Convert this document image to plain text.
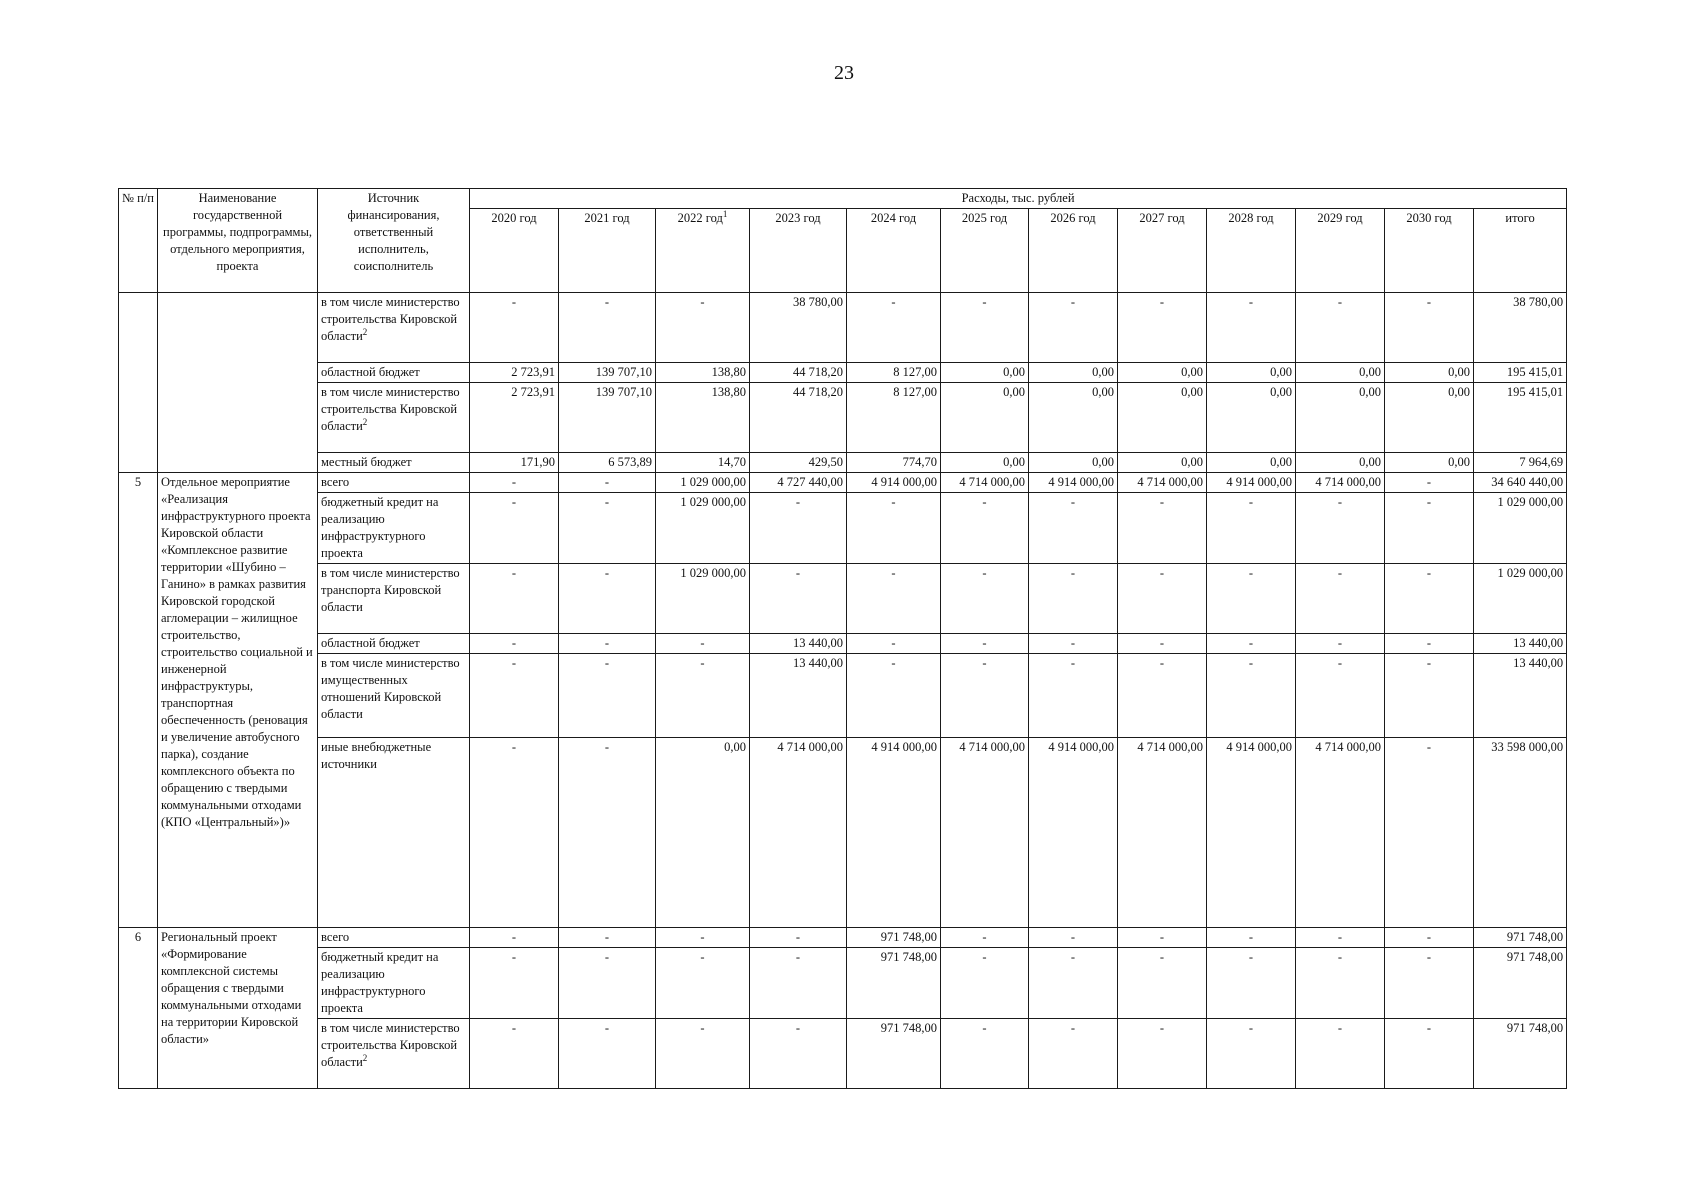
23
№ п/п	Наименование государственной программы, подпрограммы, отдельного мероприятия, проекта	Источник финансирования, ответственный исполнитель, соисполнитель	Расходы, тыс. рублей											
			2020 год	2021 год	2022 год$^1$	2023 год	2024 год	2025 год	2026 год	2027 год	2028 год	2029 год	2030 год	итого
		в том числе министерство строительства Кировской области$^2$	-	-	-	38 780,00	-	-	-	-	-	-	-	38 780,00
		областной бюджет	2 723,91	139 707,10	138,80	44 718,20	8 127,00	0,00	0,00	0,00	0,00	0,00	0,00	195 415,01
		в том числе министерство строительства Кировской области$^2$	2 723,91	139 707,10	138,80	44 718,20	8 127,00	0,00	0,00	0,00	0,00	0,00	0,00	195 415,01
		местный бюджет	171,90	6 573,89	14,70	429,50	774,70	0,00	0,00	0,00	0,00	0,00	0,00	7 964,69
5	Отдельное мероприятие «Реализация инфраструктурного проекта Кировской области «Комплексное развитие территории «Шубино – Ганино» в рамках развития Кировской городской агломерации – жилищное строительство, строительство социальной и инженерной инфраструктуры, транспортная обеспеченность (реновация и увеличение автобусного парка), создание комплексного объекта по обращению с твердыми коммунальными отходами (КПО «Центральный»)»	всего	-	-	1 029 000,00	4 727 440,00	4 914 000,00	4 714 000,00	4 914 000,00	4 714 000,00	4 914 000,00	4 714 000,00	-	34 640 440,00
		бюджетный кредит на реализацию инфраструктурного проекта	-	-	1 029 000,00	-	-	-	-	-	-	-	-	1 029 000,00
		в том числе министерство транспорта Кировской области	-	-	1 029 000,00	-	-	-	-	-	-	-	-	1 029 000,00
		областной бюджет	-	-	-	13 440,00	-	-	-	-	-	-	-	13 440,00
		в том числе министерство имущественных отношений Кировской области	-	-	-	13 440,00	-	-	-	-	-	-	-	13 440,00
		иные внебюджетные источники	-	-	0,00	4 714 000,00	4 914 000,00	4 714 000,00	4 914 000,00	4 714 000,00	4 914 000,00	4 714 000,00	-	33 598 000,00
6	Региональный проект «Формирование комплексной системы обращения с твердыми коммунальными отходами на территории Кировской области»	всего	-	-	-	-	971 748,00	-	-	-	-	-	-	971 748,00
		бюджетный кредит на реализацию инфраструктурного проекта	-	-	-	-	971 748,00	-	-	-	-	-	-	971 748,00
		в том числе министерство строительства Кировской области$^2$	-	-	-	-	971 748,00	-	-	-	-	-	-	971 748,00
